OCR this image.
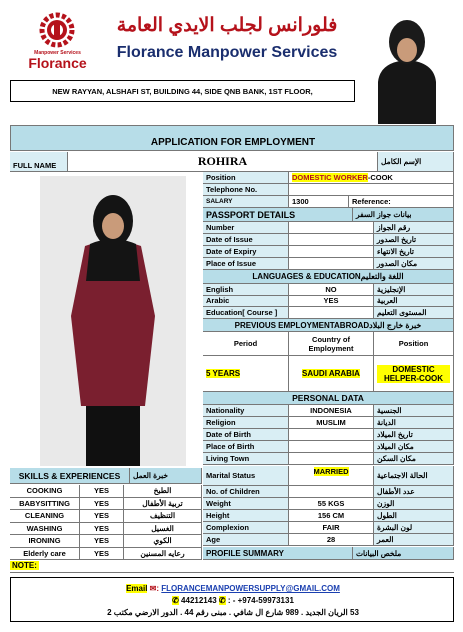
Manpower Services
Florance
فلورانس لجلب الايدي العامة
Florance Manpower Services
NEW RAYYAN, ALSHAFI ST, BUILDING 44, SIDE QNB BANK, 1ST FLOOR,
APPLICATION FOR EMPLOYMENT
FULL NAME	ROHIRA	الإسم الكامل
Position	DOMESTIC WORKER -COOK
Telephone No.
SALARY	1300	Reference:
PASSPORT DETAILS	بيانات جواز السفر
Number	رقم الجواز
Date of Issue	تاريخ الصدور
Date of Expiry	تاريخ الانتهاء
Place of Issue	مكان الصدور
LANGUAGES & EDUCATION اللغة والتعليم
English	NO	الإنجليزية
Arabic	YES	العربية
Education[ Course ]	المستوى التعليم
PREVIOUS EMPLOYMENTABROAD خبرة خارج البلاد
Period	Country of Employment	Position
5 YEARS	SAUDI ARABIA	DOMESTIC HELPER-COOK
PERSONAL DATA
Nationality	INDONESIA	الجنسية
Religion	MUSLIM	الديانة
Date of Birth	تاريخ الميلاد
Place of Birth	مكان الميلاد
Living Town	مكان السكن
Marital Status	MARRIED	الحالة الاجتماعية
SKILLS & EXPERIENCES	خبرة العمل
COOKING	YES	الطبخ
BABYSITTING	YES	تربية الأطفال
CLEANING	YES	التنظيف
WASHING	YES	الغسيل
IRONING	YES	الكوي
Elderly care	YES	رعايه المسنين
No. of Children	عدد الأطفال
Weight	55 KGS	الوزن
Height	156 CM	الطول
Complexion	FAIR	لون البشرة
Age	28	العمر
PROFILE SUMMARY	ملخص البيانات
NOTE:
Email ✉: FLORANCEMANPOWERSUPPLY@GMAIL.COM
✆ 44212143 ✆ : - +974-59973131
53 الريان الجديد . 989 شارع ال شافي . مبنى رقم 44 . الدور الارضي مكتب 2
